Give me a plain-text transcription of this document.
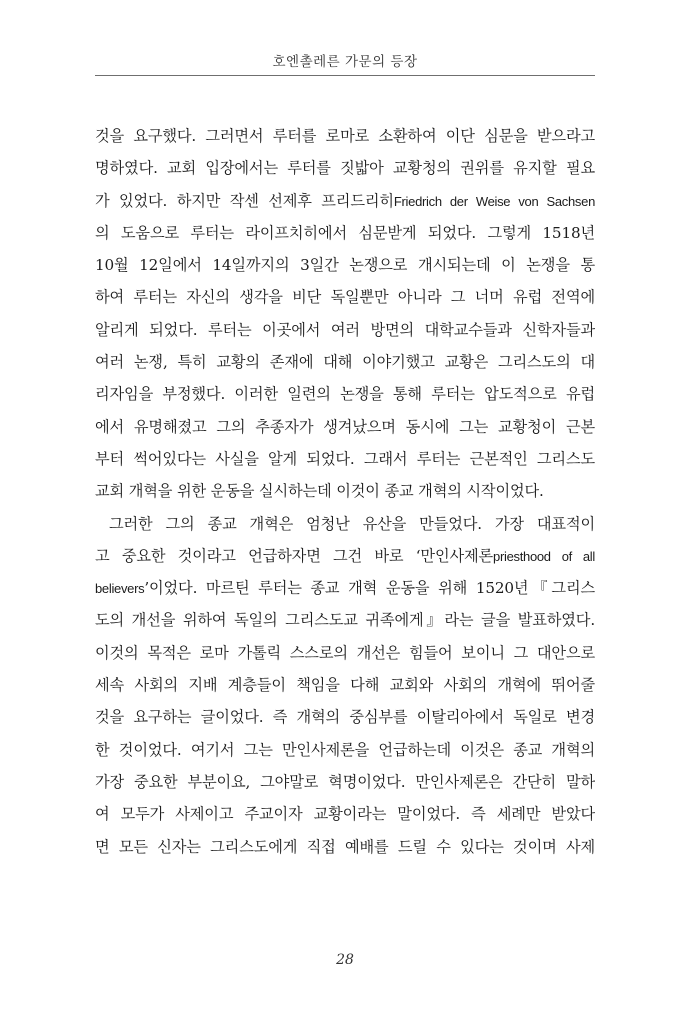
호엔촐레른 가문의 등장
것을 요구했다. 그러면서 루터를 로마로 소환하여 이단 심문을 받으라고
명하였다. 교회 입장에서는 루터를 짓밟아 교황청의 권위를 유지할 필요
가 있었다. 하지만 작센 선제후 프리드리히Friedrich der Weise von Sachsen
의 도움으로 루터는 라이프치히에서 심문받게 되었다. 그렇게 1518년
10월 12일에서 14일까지의 3일간 논쟁으로 개시되는데 이 논쟁을 통
하여 루터는 자신의 생각을 비단 독일뿐만 아니라 그 너머 유럽 전역에
알리게 되었다. 루터는 이곳에서 여러 방면의 대학교수들과 신학자들과
여러 논쟁, 특히 교황의 존재에 대해 이야기했고 교황은 그리스도의 대
리자임을 부정했다. 이러한 일련의 논쟁을 통해 루터는 압도적으로 유럽
에서 유명해졌고 그의 추종자가 생겨났으며 동시에 그는 교황청이 근본
부터 썩어있다는 사실을 알게 되었다. 그래서 루터는 근본적인 그리스도
교회 개혁을 위한 운동을 실시하는데 이것이 종교 개혁의 시작이었다.
그러한 그의 종교 개혁은 엄청난 유산을 만들었다. 가장 대표적이
고 중요한 것이라고 언급하자면 그건 바로 ‘만인사제론priesthood of all
believers’이었다. 마르틴 루터는 종교 개혁 운동을 위해 1520년『그리스
도의 개선을 위하여 독일의 그리스도교 귀족에게』라는 글을 발표하였다.
이것의 목적은 로마 가톨릭 스스로의 개선은 힘들어 보이니 그 대안으로
세속 사회의 지배 계층들이 책임을 다해 교회와 사회의 개혁에 뛰어줄
것을 요구하는 글이었다. 즉 개혁의 중심부를 이탈리아에서 독일로 변경
한 것이었다. 여기서 그는 만인사제론을 언급하는데 이것은 종교 개혁의
가장 중요한 부분이요, 그야말로 혁명이었다. 만인사제론은 간단히 말하
여 모두가 사제이고 주교이자 교황이라는 말이었다. 즉 세례만 받았다
면 모든 신자는 그리스도에게 직접 예배를 드릴 수 있다는 것이며 사제
28
